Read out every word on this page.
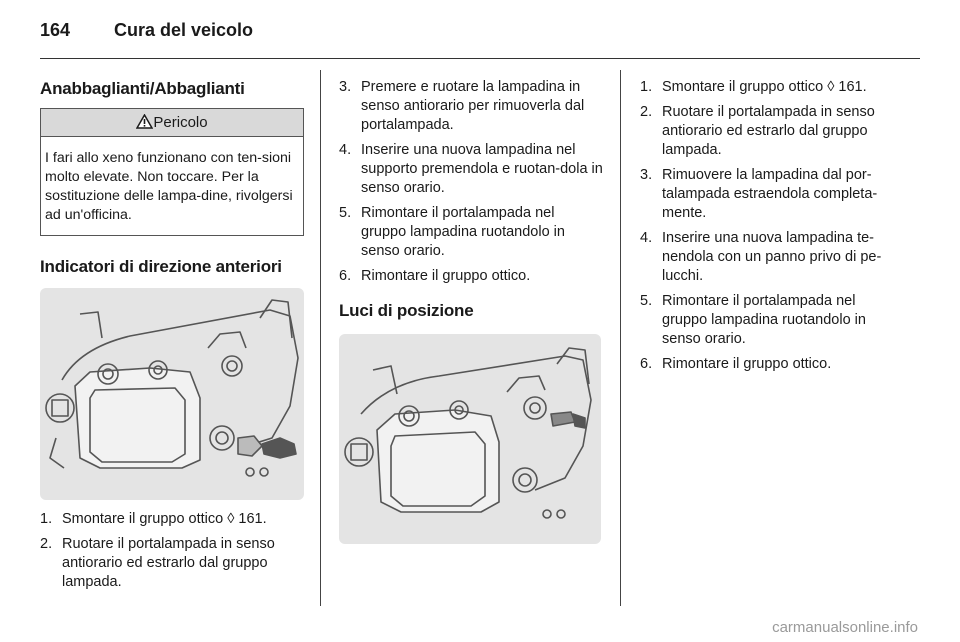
164 Cura del veicolo
Anabbaglianti/Abbaglianti
Pericolo
I fari allo xeno funzionano con ten-sioni molto elevate. Non toccare. Per la sostituzione delle lampa-dine, rivolgersi ad un'officina.
Indicatori di direzione anteriori
1. Smontare il gruppo ottico ◊ 161.
2. Ruotare il portalampada in senso antiorario ed estrarlo dal gruppo lampada.
3. Premere e ruotare la lampadina in senso antiorario per rimuoverla dal portalampada.
4. Inserire una nuova lampadina nel supporto premendola e ruotan-dola in senso orario.
5. Rimontare il portalampada nel gruppo lampadina ruotandolo in senso orario.
6. Rimontare il gruppo ottico.
Luci di posizione
1. Smontare il gruppo ottico ◊ 161.
2. Ruotare il portalampada in senso antiorario ed estrarlo dal gruppo lampada.
3. Rimuovere la lampadina dal por-talampada estraendola completa-mente.
4. Inserire una nuova lampadina te-nendola con un panno privo di pe-lucchi.
5. Rimontare il portalampada nel gruppo lampadina ruotandolo in senso orario.
6. Rimontare il gruppo ottico.
carmanualsonline.info
